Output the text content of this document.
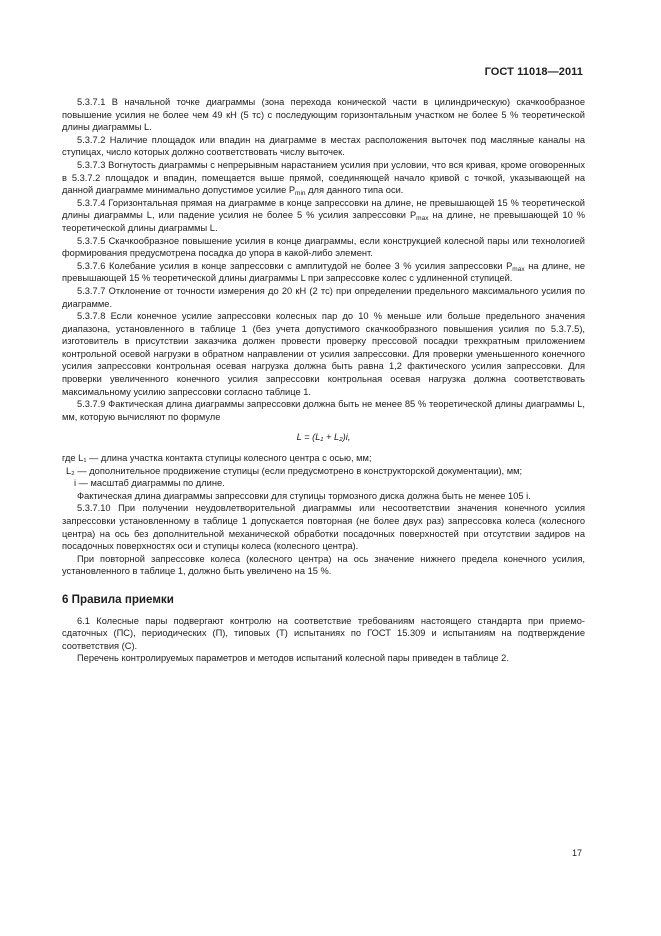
ГОСТ 11018—2011

5.3.7.1 В начальной точке диаграммы (зона перехода конической части в цилиндрическую) скачкообразное повышение усилия не более чем 49 кН (5 тс) с последующим горизонтальным участком не более 5 % теоретической длины диаграммы L.

5.3.7.2 Наличие площадок или впадин на диаграмме в местах расположения выточек под масляные каналы на ступицах, число которых должно соответствовать числу выточек.

5.3.7.3 Вогнутость диаграммы с непрерывным нарастанием усилия при условии, что вся кривая, кроме оговоренных в 5.3.7.2 площадок и впадин, помещается выше прямой, соединяющей начало кривой с точкой, указывающей на данной диаграмме минимально допустимое усилие $P_{min}$ для данного типа оси.

5.3.7.4 Горизонтальная прямая на диаграмме в конце запрессовки на длине, не превышающей 15 % теоретической длины диаграммы L, или падение усилия не более 5 % усилия запрессовки $P_{max}$ на длине, не превышающей 10 % теоретической длины диаграммы L.

5.3.7.5 Скачкообразное повышение усилия в конце диаграммы, если конструкцией колесной пары или технологией формирования предусмотрена посадка до упора в какой-либо элемент.

5.3.7.6 Колебание усилия в конце запрессовки с амплитудой не более 3 % усилия запрессовки $P_{max}$ на длине, не превышающей 15 % теоретической длины диаграммы L при запрессовке колес с удлиненной ступицей.

5.3.7.7 Отклонение от точности измерения до 20 кН (2 тс) при определении предельного максимального усилия по диаграмме.

5.3.7.8 Если конечное усилие запрессовки колесных пар до 10 % меньше или больше предельного значения диапазона, установленного в таблице 1 (без учета допустимого скачкообразного повышения усилия по 5.3.7.5), изготовитель в присутствии заказчика должен провести проверку прессовой посадки трехкратным приложением контрольной осевой нагрузки в обратном направлении от усилия запрессовки. Для проверки уменьшенного конечного усилия запрессовки контрольная осевая нагрузка должна быть равна 1,2 фактического усилия запрессовки. Для проверки увеличенного конечного усилия запрессовки контрольная осевая нагрузка должна соответствовать максимальному усилию запрессовки согласно таблице 1.

5.3.7.9 Фактическая длина диаграммы запрессовки должна быть не менее 85 % теоретической длины диаграммы L, мм, которую вычисляют по формуле

L = (L₁ + L₂)i,
где L₁ — длина участка контакта ступицы колесного центра с осью, мм;
L₂ — дополнительное продвижение ступицы (если предусмотрено в конструкторской документации), мм;
i — масштаб диаграммы по длине.

Фактическая длина диаграммы запрессовки для ступицы тормозного диска должна быть не менее 105 i.

5.3.7.10 При получении неудовлетворительной диаграммы или несоответствии значения конечного усилия запрессовки установленному в таблице 1 допускается повторная (не более двух раз) запрессовка колеса (колесного центра) на ось без дополнительной механической обработки посадочных поверхностей при отсутствии задиров на посадочных поверхностях оси и ступицы колеса (колесного центра).

При повторной запрессовке колеса (колесного центра) на ось значение нижнего предела конечного усилия, установленного в таблице 1, должно быть увеличено на 15 %.

6 Правила приемки

6.1 Колесные пары подвергают контролю на соответствие требованиям настоящего стандарта при приемо-сдаточных (ПС), периодических (П), типовых (Т) испытаниях по ГОСТ 15.309 и испытаниям на подтверждение соответствия (С).

Перечень контролируемых параметров и методов испытаний колесной пары приведен в таблице 2.

17
